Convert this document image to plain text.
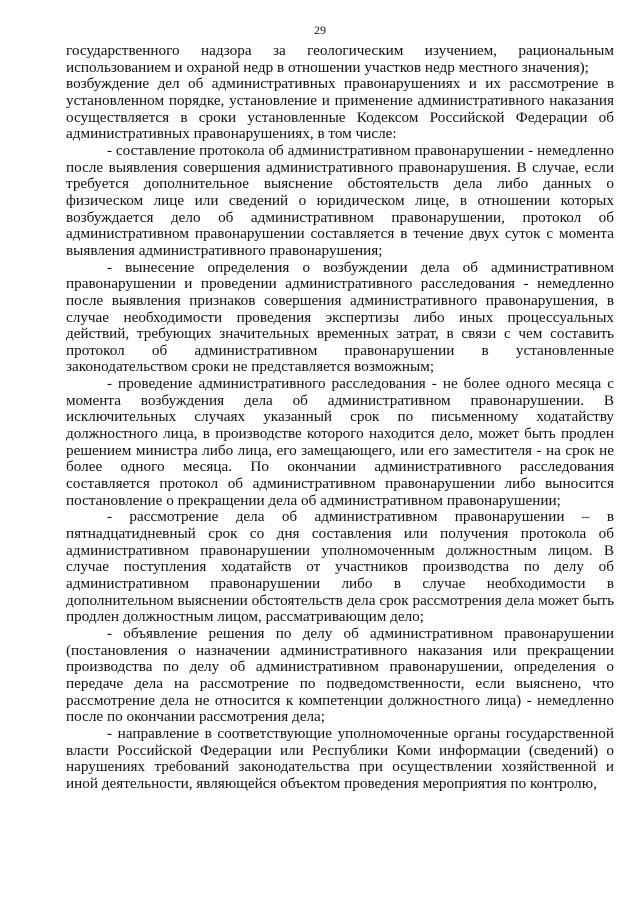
29

государственного надзора за геологическим изучением, рациональным использованием и охраной недр в отношении участков недр местного значения);

возбуждение дел об административных правонарушениях и их рассмотрение в установленном порядке, установление и применение административного наказания осуществляется в сроки установленные Кодексом Российской Федерации об административных правонарушениях, в том числе:

- составление протокола об административном правонарушении - немедленно после выявления совершения административного правонарушения. В случае, если требуется дополнительное выяснение обстоятельств дела либо данных о физическом лице или сведений о юридическом лице, в отношении которых возбуждается дело об административном правонарушении, протокол об административном правонарушении составляется в течение двух суток с момента выявления административного правонарушения;

- вынесение определения о возбуждении дела об административном правонарушении и проведении административного расследования - немедленно после выявления признаков совершения административного правонарушения, в случае необходимости проведения экспертизы либо иных процессуальных действий, требующих значительных временных затрат, в связи с чем составить протокол об административном правонарушении в установленные законодательством сроки не представляется возможным;

- проведение административного расследования - не более одного месяца с момента возбуждения дела об административном правонарушении. В исключительных случаях указанный срок по письменному ходатайству должностного лица, в производстве которого находится дело, может быть продлен решением министра либо лица, его замещающего, или его заместителя - на срок не более одного месяца. По окончании административного расследования составляется протокол об административном правонарушении либо выносится постановление о прекращении дела об административном правонарушении;

- рассмотрение дела об административном правонарушении – в пятнадцатидневный срок со дня составления или получения протокола об административном правонарушении уполномоченным должностным лицом. В случае поступления ходатайств от участников производства по делу об административном правонарушении либо в случае необходимости в дополнительном выяснении обстоятельств дела срок рассмотрения дела может быть продлен должностным лицом, рассматривающим дело;

- объявление решения по делу об административном правонарушении (постановления о назначении административного наказания или прекращении производства по делу об административном правонарушении, определения о передаче дела на рассмотрение по подведомственности, если выяснено, что рассмотрение дела не относится к компетенции должностного лица) - немедленно после по окончании рассмотрения дела;

- направление в соответствующие уполномоченные органы государственной власти Российской Федерации или Республики Коми информации (сведений) о нарушениях требований законодательства при осуществлении хозяйственной и иной деятельности, являющейся объектом проведения мероприятия по контролю,
